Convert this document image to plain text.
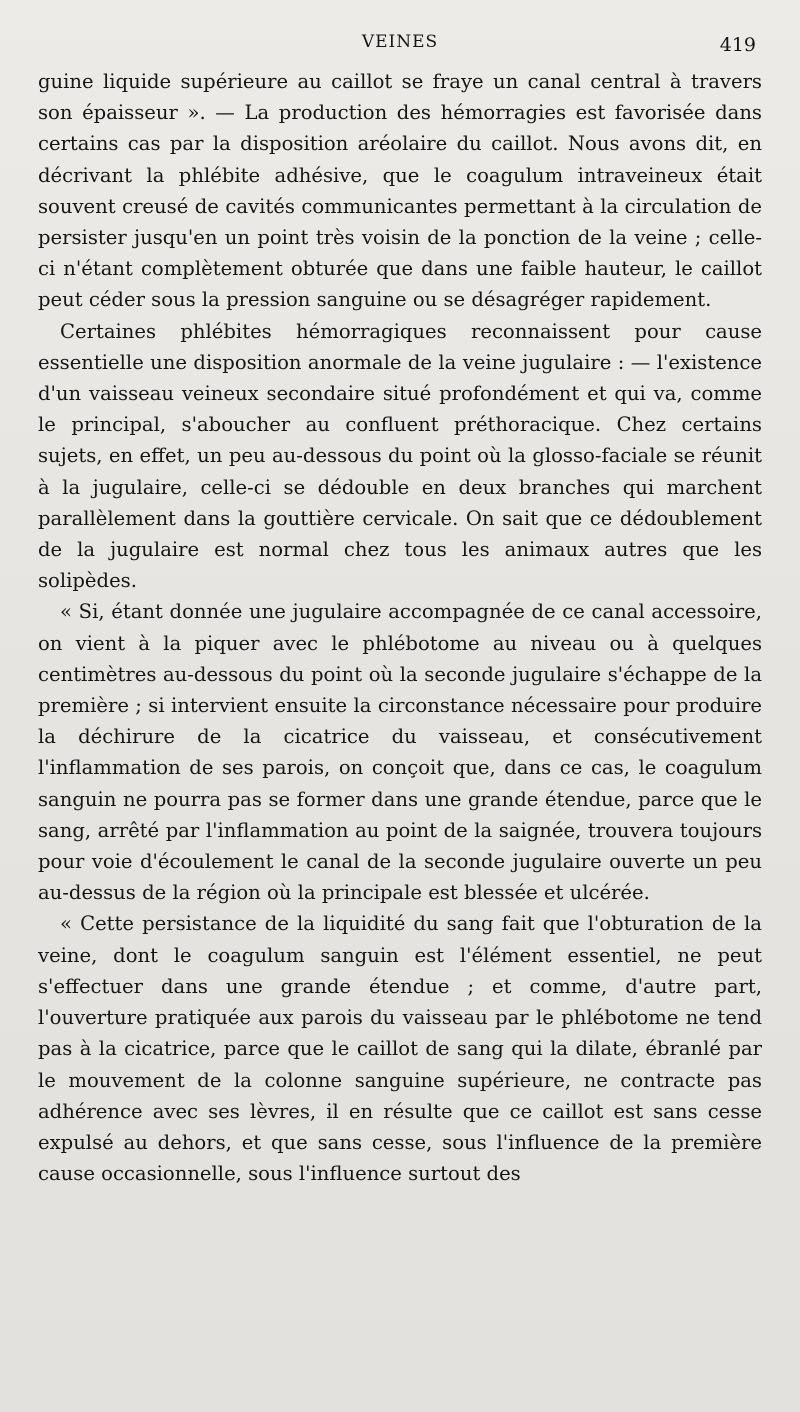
VEINES	419

guine liquide supérieure au caillot se fraye un canal central à travers son épaisseur ». — La production des hémorragies est favorisée dans certains cas par la disposition aréolaire du caillot. Nous avons dit, en décrivant la phlébite adhésive, que le coagulum intraveineux était souvent creusé de cavités communicantes permettant à la circulation de persister jusqu'en un point très voisin de la ponction de la veine ; celle-ci n'étant complètement obturée que dans une faible hauteur, le caillot peut céder sous la pression sanguine ou se désagréger rapidement.

Certaines phlébites hémorragiques reconnaissent pour cause essentielle une disposition anormale de la veine jugulaire : — l'existence d'un vaisseau veineux secondaire situé profondément et qui va, comme le principal, s'aboucher au confluent préthoracique. Chez certains sujets, en effet, un peu au-dessous du point où la glosso-faciale se réunit à la jugulaire, celle-ci se dédouble en deux branches qui marchent parallèlement dans la gouttière cervicale. On sait que ce dédoublement de la jugulaire est normal chez tous les animaux autres que les solipèdes.

« Si, étant donnée une jugulaire accompagnée de ce canal accessoire, on vient à la piquer avec le phlébotome au niveau ou à quelques centimètres au-dessous du point où la seconde jugulaire s'échappe de la première ; si intervient ensuite la circonstance nécessaire pour produire la déchirure de la cicatrice du vaisseau, et consécutivement l'inflammation de ses parois, on conçoit que, dans ce cas, le coagulum sanguin ne pourra pas se former dans une grande étendue, parce que le sang, arrêté par l'inflammation au point de la saignée, trouvera toujours pour voie d'écoulement le canal de la seconde jugulaire ouverte un peu au-dessus de la région où la principale est blessée et ulcérée.

« Cette persistance de la liquidité du sang fait que l'obturation de la veine, dont le coagulum sanguin est l'élément essentiel, ne peut s'effectuer dans une grande étendue ; et comme, d'autre part, l'ouverture pratiquée aux parois du vaisseau par le phlébotome ne tend pas à la cicatrice, parce que le caillot de sang qui la dilate, ébranlé par le mouvement de la colonne sanguine supérieure, ne contracte pas adhérence avec ses lèvres, il en résulte que ce caillot est sans cesse expulsé au dehors, et que sans cesse, sous l'influence de la première cause occasionnelle, sous l'influence surtout des
